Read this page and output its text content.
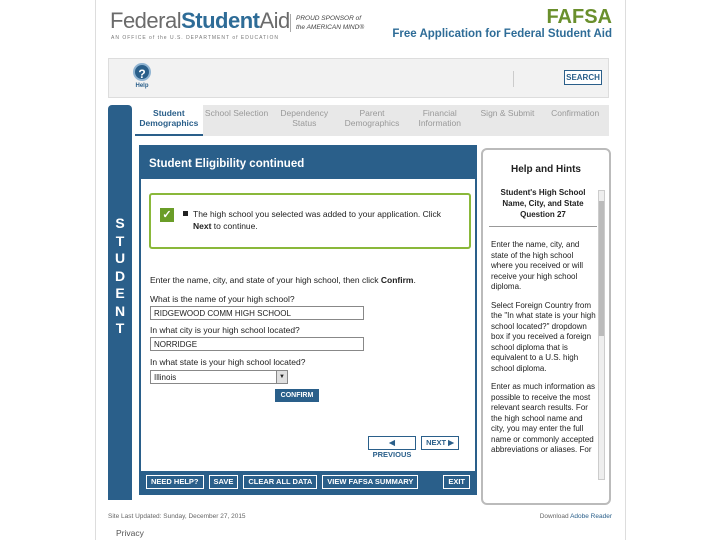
FederalStudentAid
AN OFFICE of the U.S. DEPARTMENT of EDUCATION
PROUD SPONSOR of
the AMERICAN MIND®	FAFSA
Free Application for Federal Student Aid
?
Help
SEARCH
Student Demographics
School Selection	Dependency Status
Parent Demographics
Financial Information
Sign & Submit	Confirmation
S
T
U
D
E
N
T
Student Eligibility continued
✓	The high school you selected was added to your application. Click Next to continue.
Enter the name, city, and state of your high school, then click Confirm.
What is the name of your high school?
RIDGEWOOD COMM HIGH SCHOOL
In what city is your high school located?
NORRIDGE
In what state is your high school located?
Illinois	▼
CONFIRM
◀ PREVIOUS
NEXT ▶
NEED HELP?	SAVE	CLEAR ALL DATA	VIEW FAFSA SUMMARY	EXIT
Help and Hints
Student's High School Name, City, and State
Question 27

Enter the name, city, and state of the high school where you received or will receive your high school diploma.

Select Foreign Country from the "In what state is your high school located?" dropdown box if you received a foreign school diploma that is equivalent to a U.S. high school diploma.

Enter as much information as possible to receive the most relevant search results. For the high school name and city, you may enter the full name or commonly accepted abbreviations or aliases. For

Site Last Updated: Sunday, December 27, 2015	Download Adobe Reader
Privacy
